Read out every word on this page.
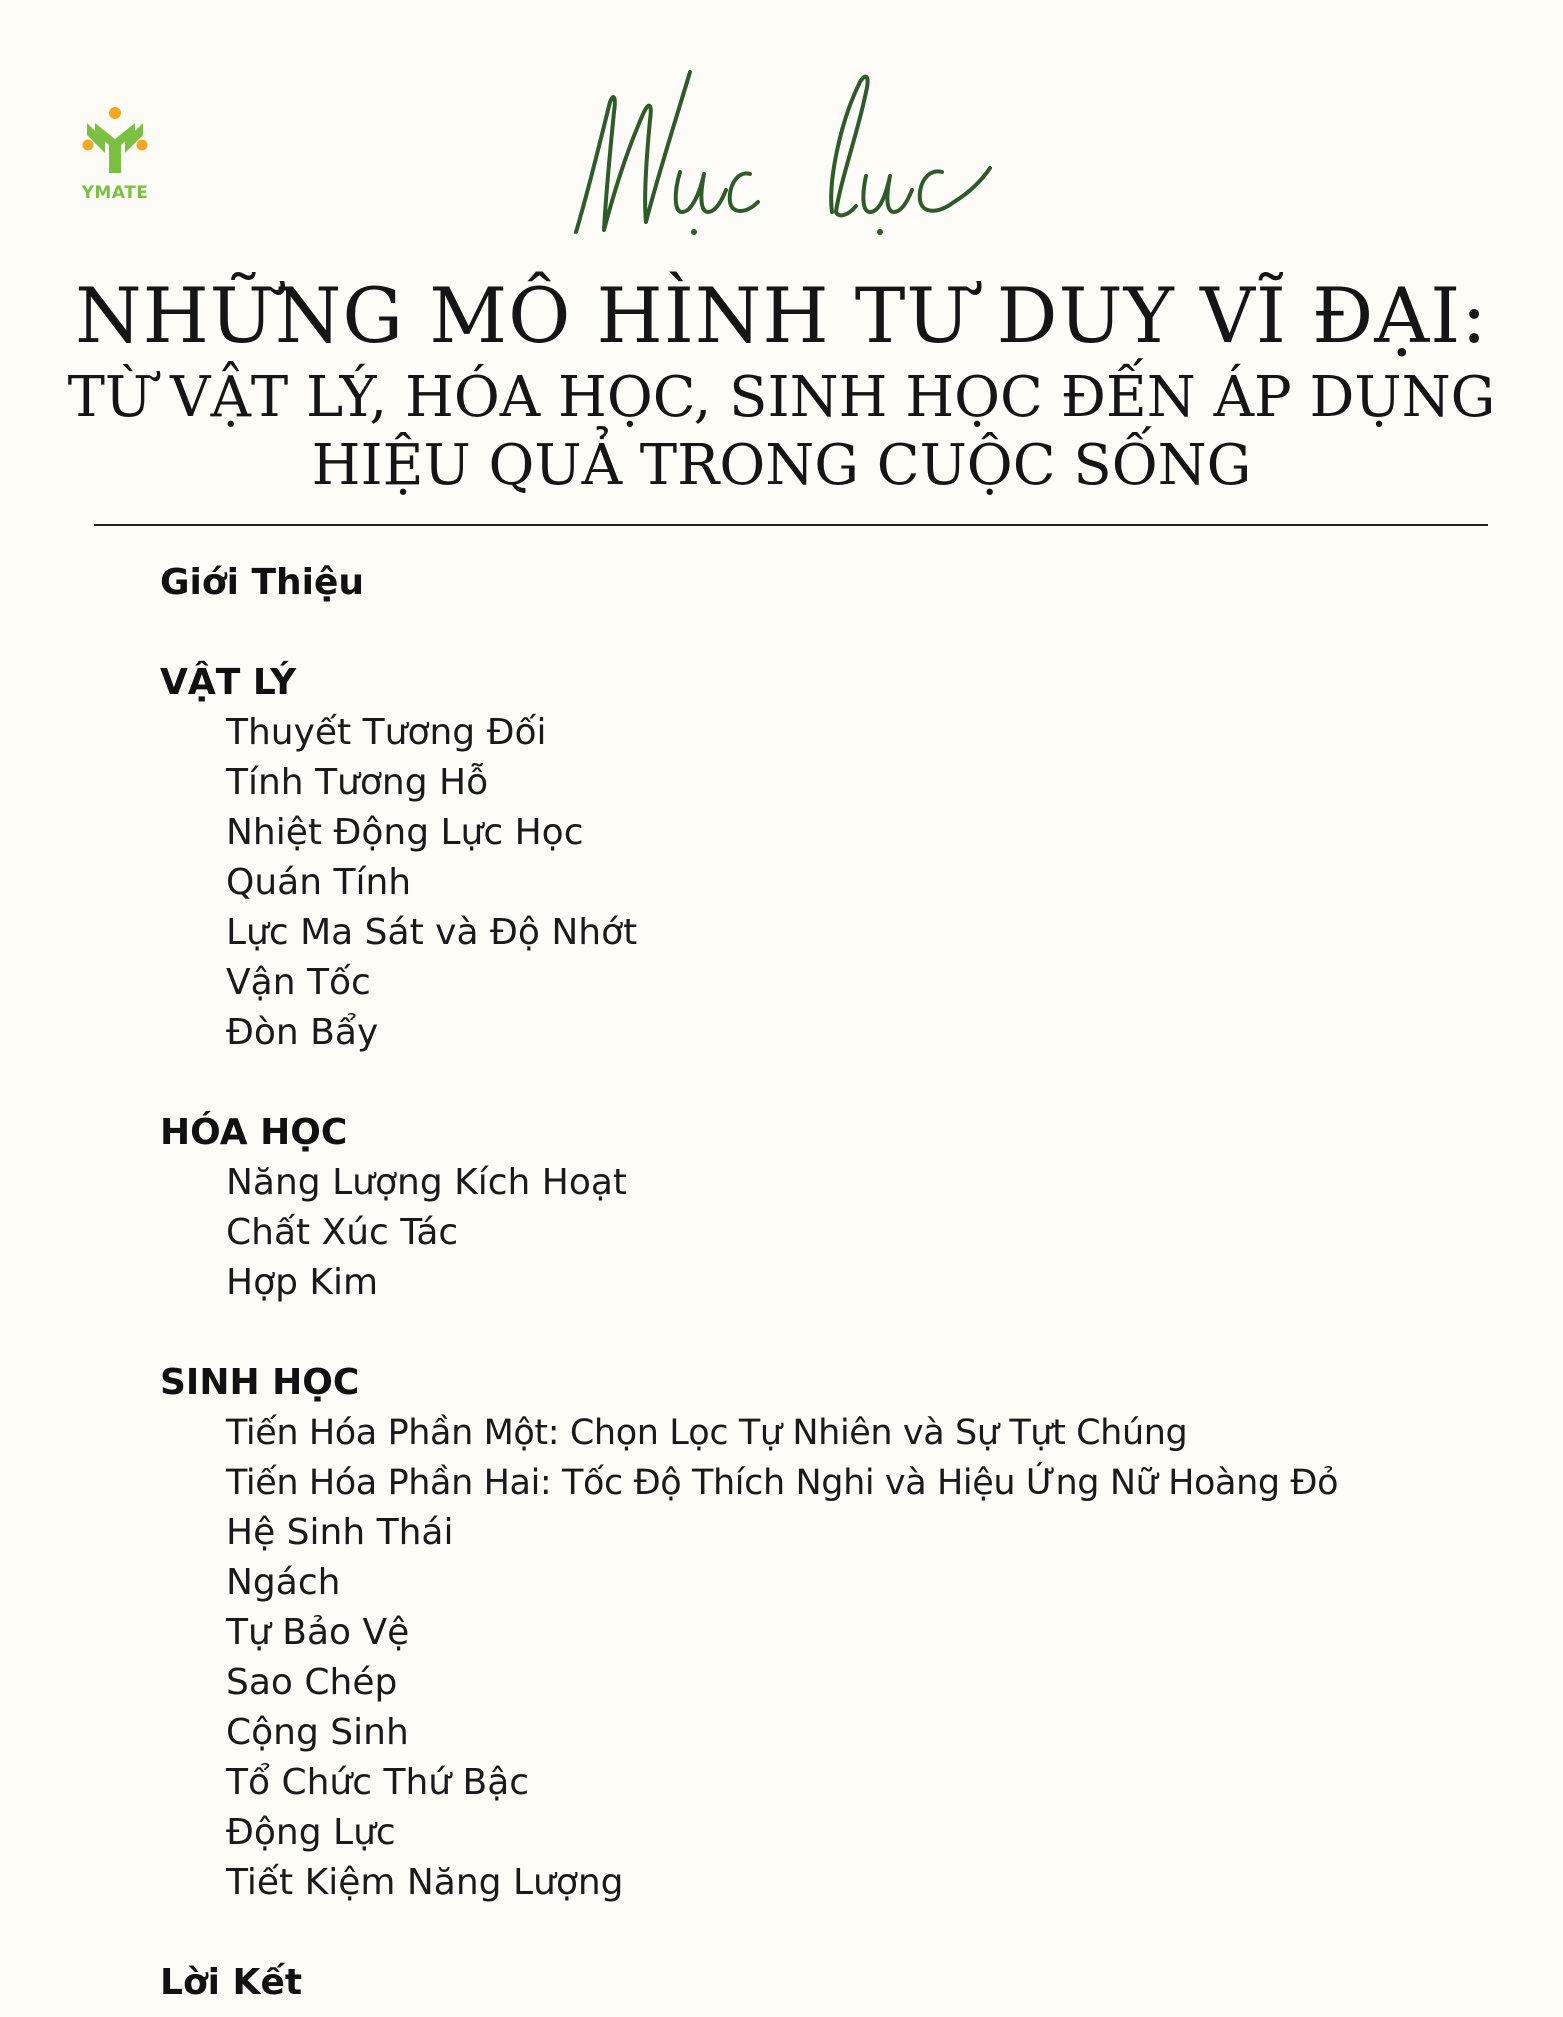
YMATE
Mục lục
NHỮNG MÔ HÌNH TƯ DUY VĨ ĐẠI:
TỪ VẬT LÝ, HÓA HỌC, SINH HỌC ĐẾN ÁP DỤNG
HIỆU QUẢ TRONG CUỘC SỐNG
Giới Thiệu
VẬT LÝ
Thuyết Tương Đối
Tính Tương Hỗ
Nhiệt Động Lực Học
Quán Tính
Lực Ma Sát và Độ Nhớt
Vận Tốc
Đòn Bẩy
HÓA HỌC
Năng Lượng Kích Hoạt
Chất Xúc Tác
Hợp Kim
SINH HỌC
Tiến Hóa Phần Một: Chọn Lọc Tự Nhiên và Sự Tựt Chúng
Tiến Hóa Phần Hai: Tốc Độ Thích Nghi và Hiệu Ứng Nữ Hoàng Đỏ
Hệ Sinh Thái
Ngách
Tự Bảo Vệ
Sao Chép
Cộng Sinh
Tổ Chức Thứ Bậc
Động Lực
Tiết Kiệm Năng Lượng
Lời Kết
